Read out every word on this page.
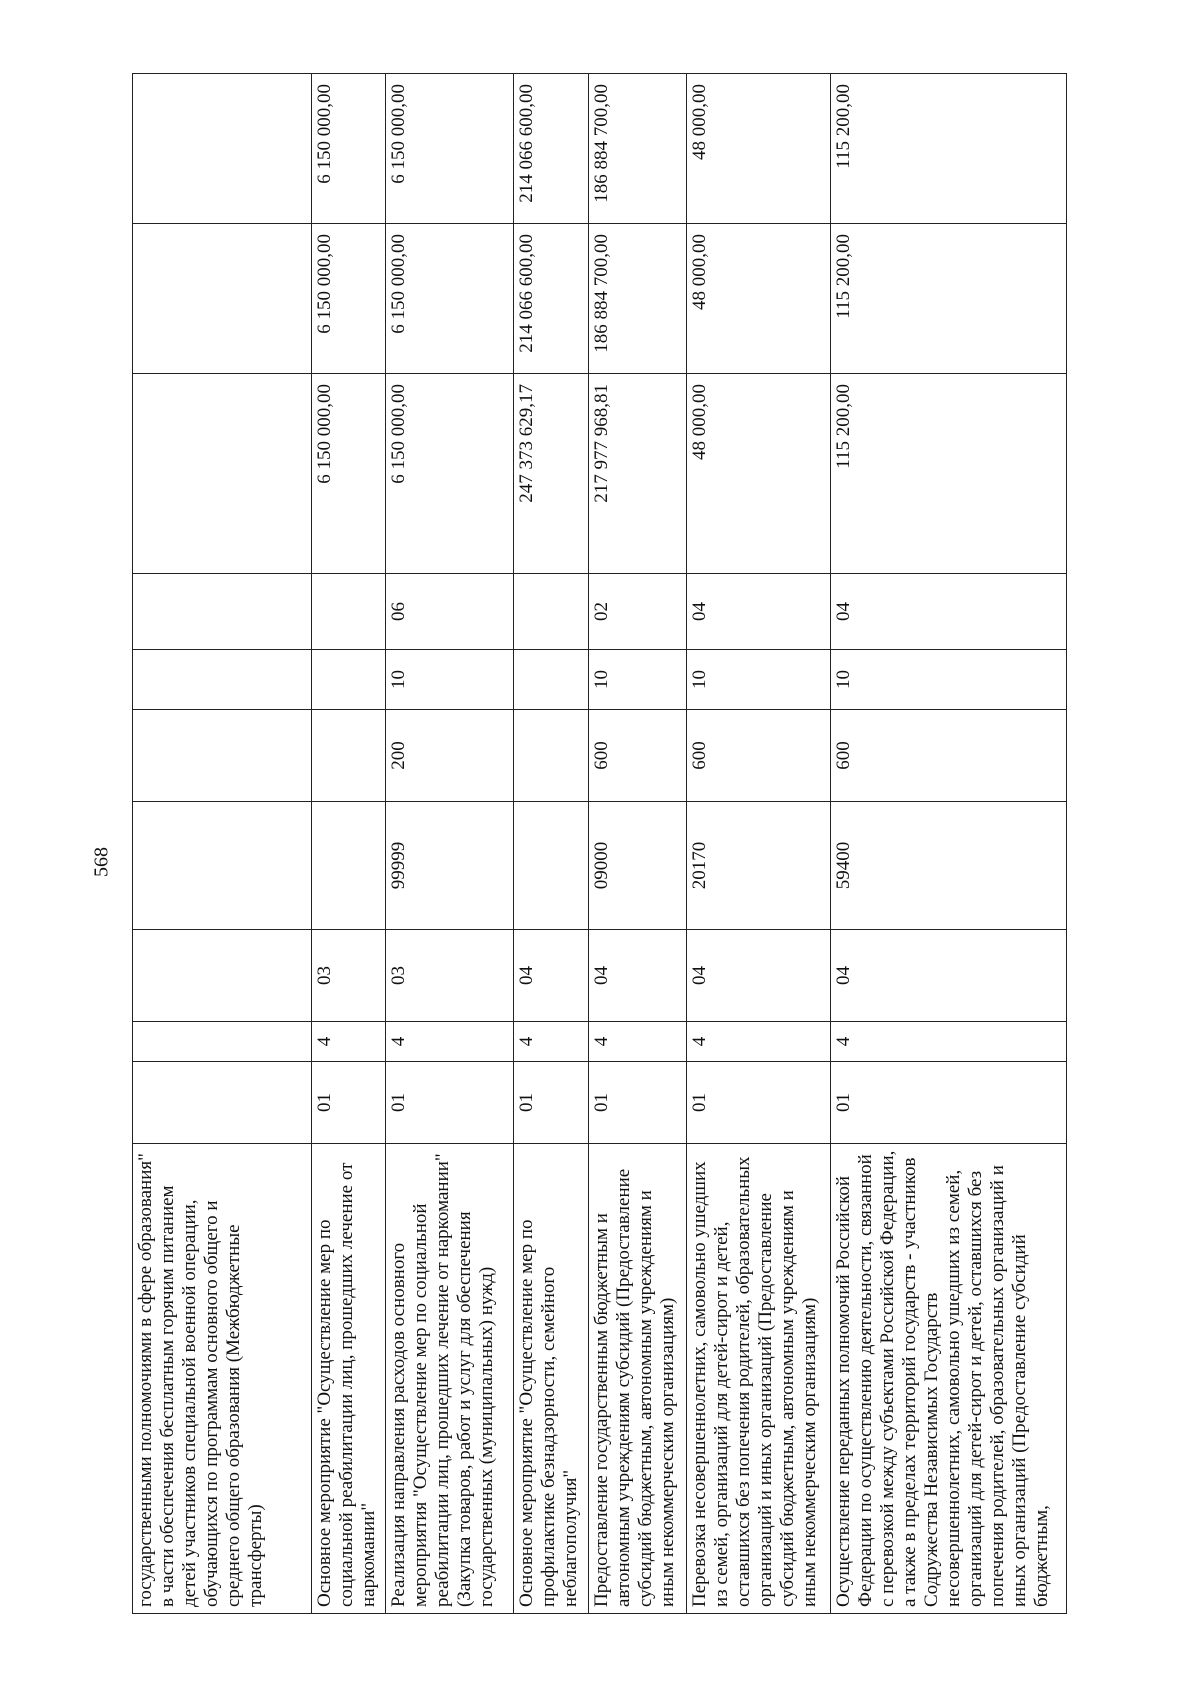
568
государственными полномочиями в сфере образования" в части обеспечения бесплатным горячим питанием детей участников специальной военной операции, обучающихся по программам основного общего и среднего общего образования (Межбюджетные трансферты)										
Основное мероприятие "Осуществление мер по социальной реабилитации лиц, прошедших лечение от наркомании"	01	4	03					6 150 000,00	6 150 000,00	6 150 000,00
Реализация направления расходов основного мероприятия "Осуществление мер по социальной реабилитации лиц, прошедших лечение от наркомании" (Закупка товаров, работ и услуг для обеспечения государственных (муниципальных) нужд)	01	4	03	99999	200	10	06	6 150 000,00	6 150 000,00	6 150 000,00
Основное мероприятие "Осуществление мер по профилактике безнадзорности, семейного неблагополучия"	01	4	04					247 373 629,17	214 066 600,00	214 066 600,00
Предоставление государственным бюджетным и автономным учреждениям субсидий (Предоставление субсидий бюджетным, автономным учреждениям и иным некоммерческим организациям)	01	4	04	09000	600	10	02	217 977 968,81	186 884 700,00	186 884 700,00
Перевозка несовершеннолетних, самовольно ушедших из семей, организаций для детей-сирот и детей, оставшихся без попечения родителей, образовательных организаций и иных организаций (Предоставление субсидий бюджетным, автономным учреждениям и иным некоммерческим организациям)	01	4	04	20170	600	10	04	48 000,00	48 000,00	48 000,00
Осуществление переданных полномочий Российской Федерации по осуществлению деятельности, связанной с перевозкой между субъектами Российской Федерации, а также в пределах территорий государств - участников Содружества Независимых Государств несовершеннолетних, самовольно ушедших из семей, организаций для детей-сирот и детей, оставшихся без попечения родителей, образовательных организаций и иных организаций (Предоставление субсидий бюджетным,	01	4	04	59400	600	10	04	115 200,00	115 200,00	115 200,00
